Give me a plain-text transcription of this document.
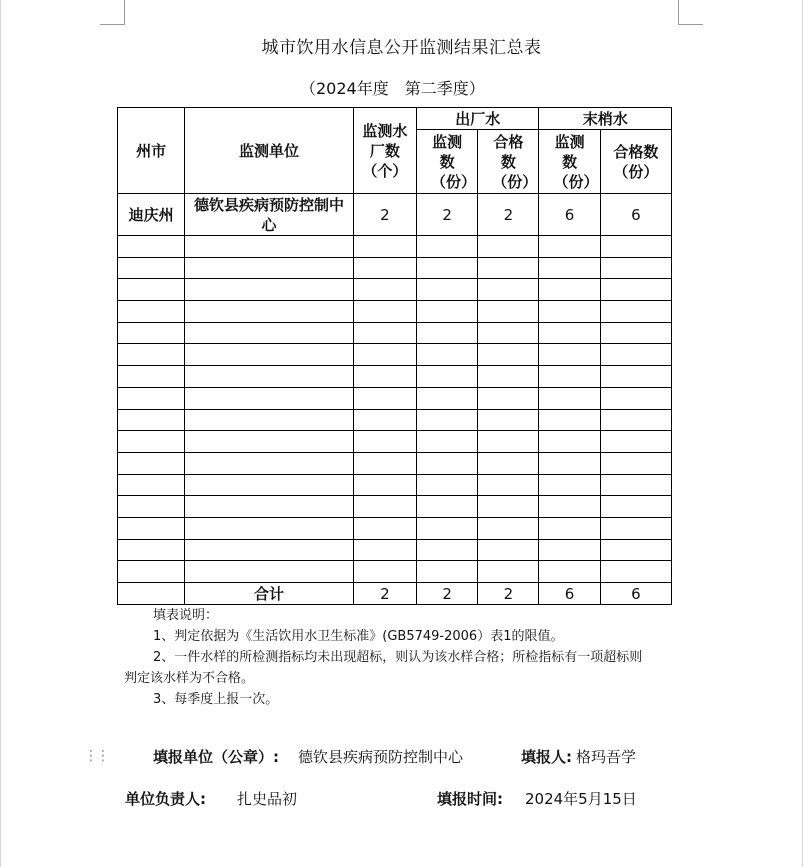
城市饮用水信息公开监测结果汇总表
（2024年度　第二季度）
州市	监测单位	监测水厂数（个）	出厂水		末梢水	
			监测数（份）	合格数（份）	监测数（份）	合格数（份）
迪庆州	德钦县疾病预防控制中心	2	2	2	6	6

	合计	2	2	2	6	6
填表说明：
1、判定依据为《生活饮用水卫生标准》(GB5749-2006）表1的限值。
2、一件水样的所检测指标均未出现超标，则认为该水样合格；所检指标有一项超标则
判定该水样为不合格。
3、每季度上报一次。
⋮⋮	填报单位（公章）: 德钦县疾病预防控制中心	填报人: 格玛吾学
单位负责人: 扎史品初	填报时间: 2024年5月15日
